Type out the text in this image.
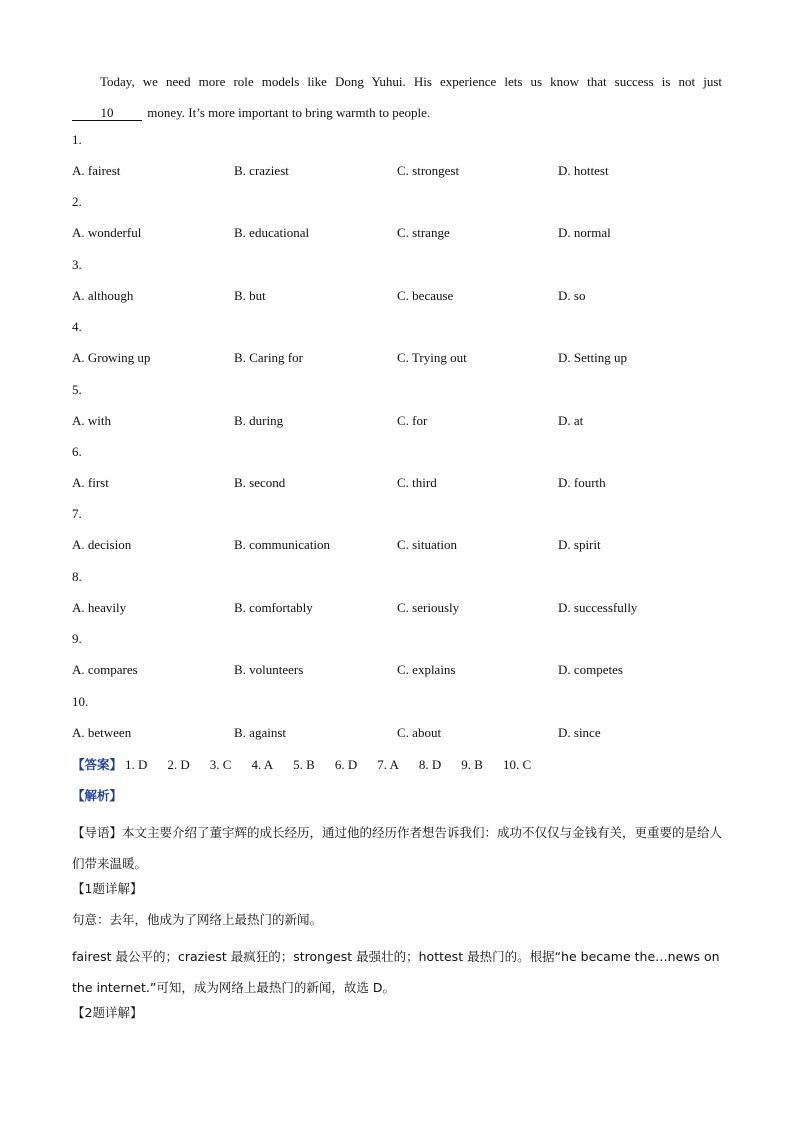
Today, we need more role models like Dong Yuhui. His experience lets us know that success is not just
10	money. It’s more important to bring warmth to people.
1.
A. fairest	B. craziest	C. strongest	D. hottest
2.
A. wonderful	B. educational	C. strange	D. normal
3.
A. although	B. but	C. because	D. so
4.
A. Growing up	B. Caring for	C. Trying out	D. Setting up
5.
A. with	B. during	C. for	D. at
6.
A. first	B. second	C. third	D. fourth
7.
A. decision	B. communication	C. situation	D. spirit
8.
A. heavily	B. comfortably	C. seriously	D. successfully
9.
A. compares	B. volunteers	C. explains	D. competes
10.
A. between	B. against	C. about	D. since
【答案】 1. D 2. D 3. C 4. A 5. B 6. D 7. A 8. D 9. B 10. C
【解析】
【导语】本文主要介绍了董宇辉的成长经历，通过他的经历作者想告诉我们：成功不仅仅与金钱有关，更重要的是给人们带来温暖。
【1题详解】
句意：去年，他成为了网络上最热门的新闻。
fairest 最公平的；craziest 最疯狂的；strongest 最强壮的；hottest 最热门的。根据“he became the…news on
the internet.”可知，成为网络上最热门的新闻，故选 D。
【2题详解】
